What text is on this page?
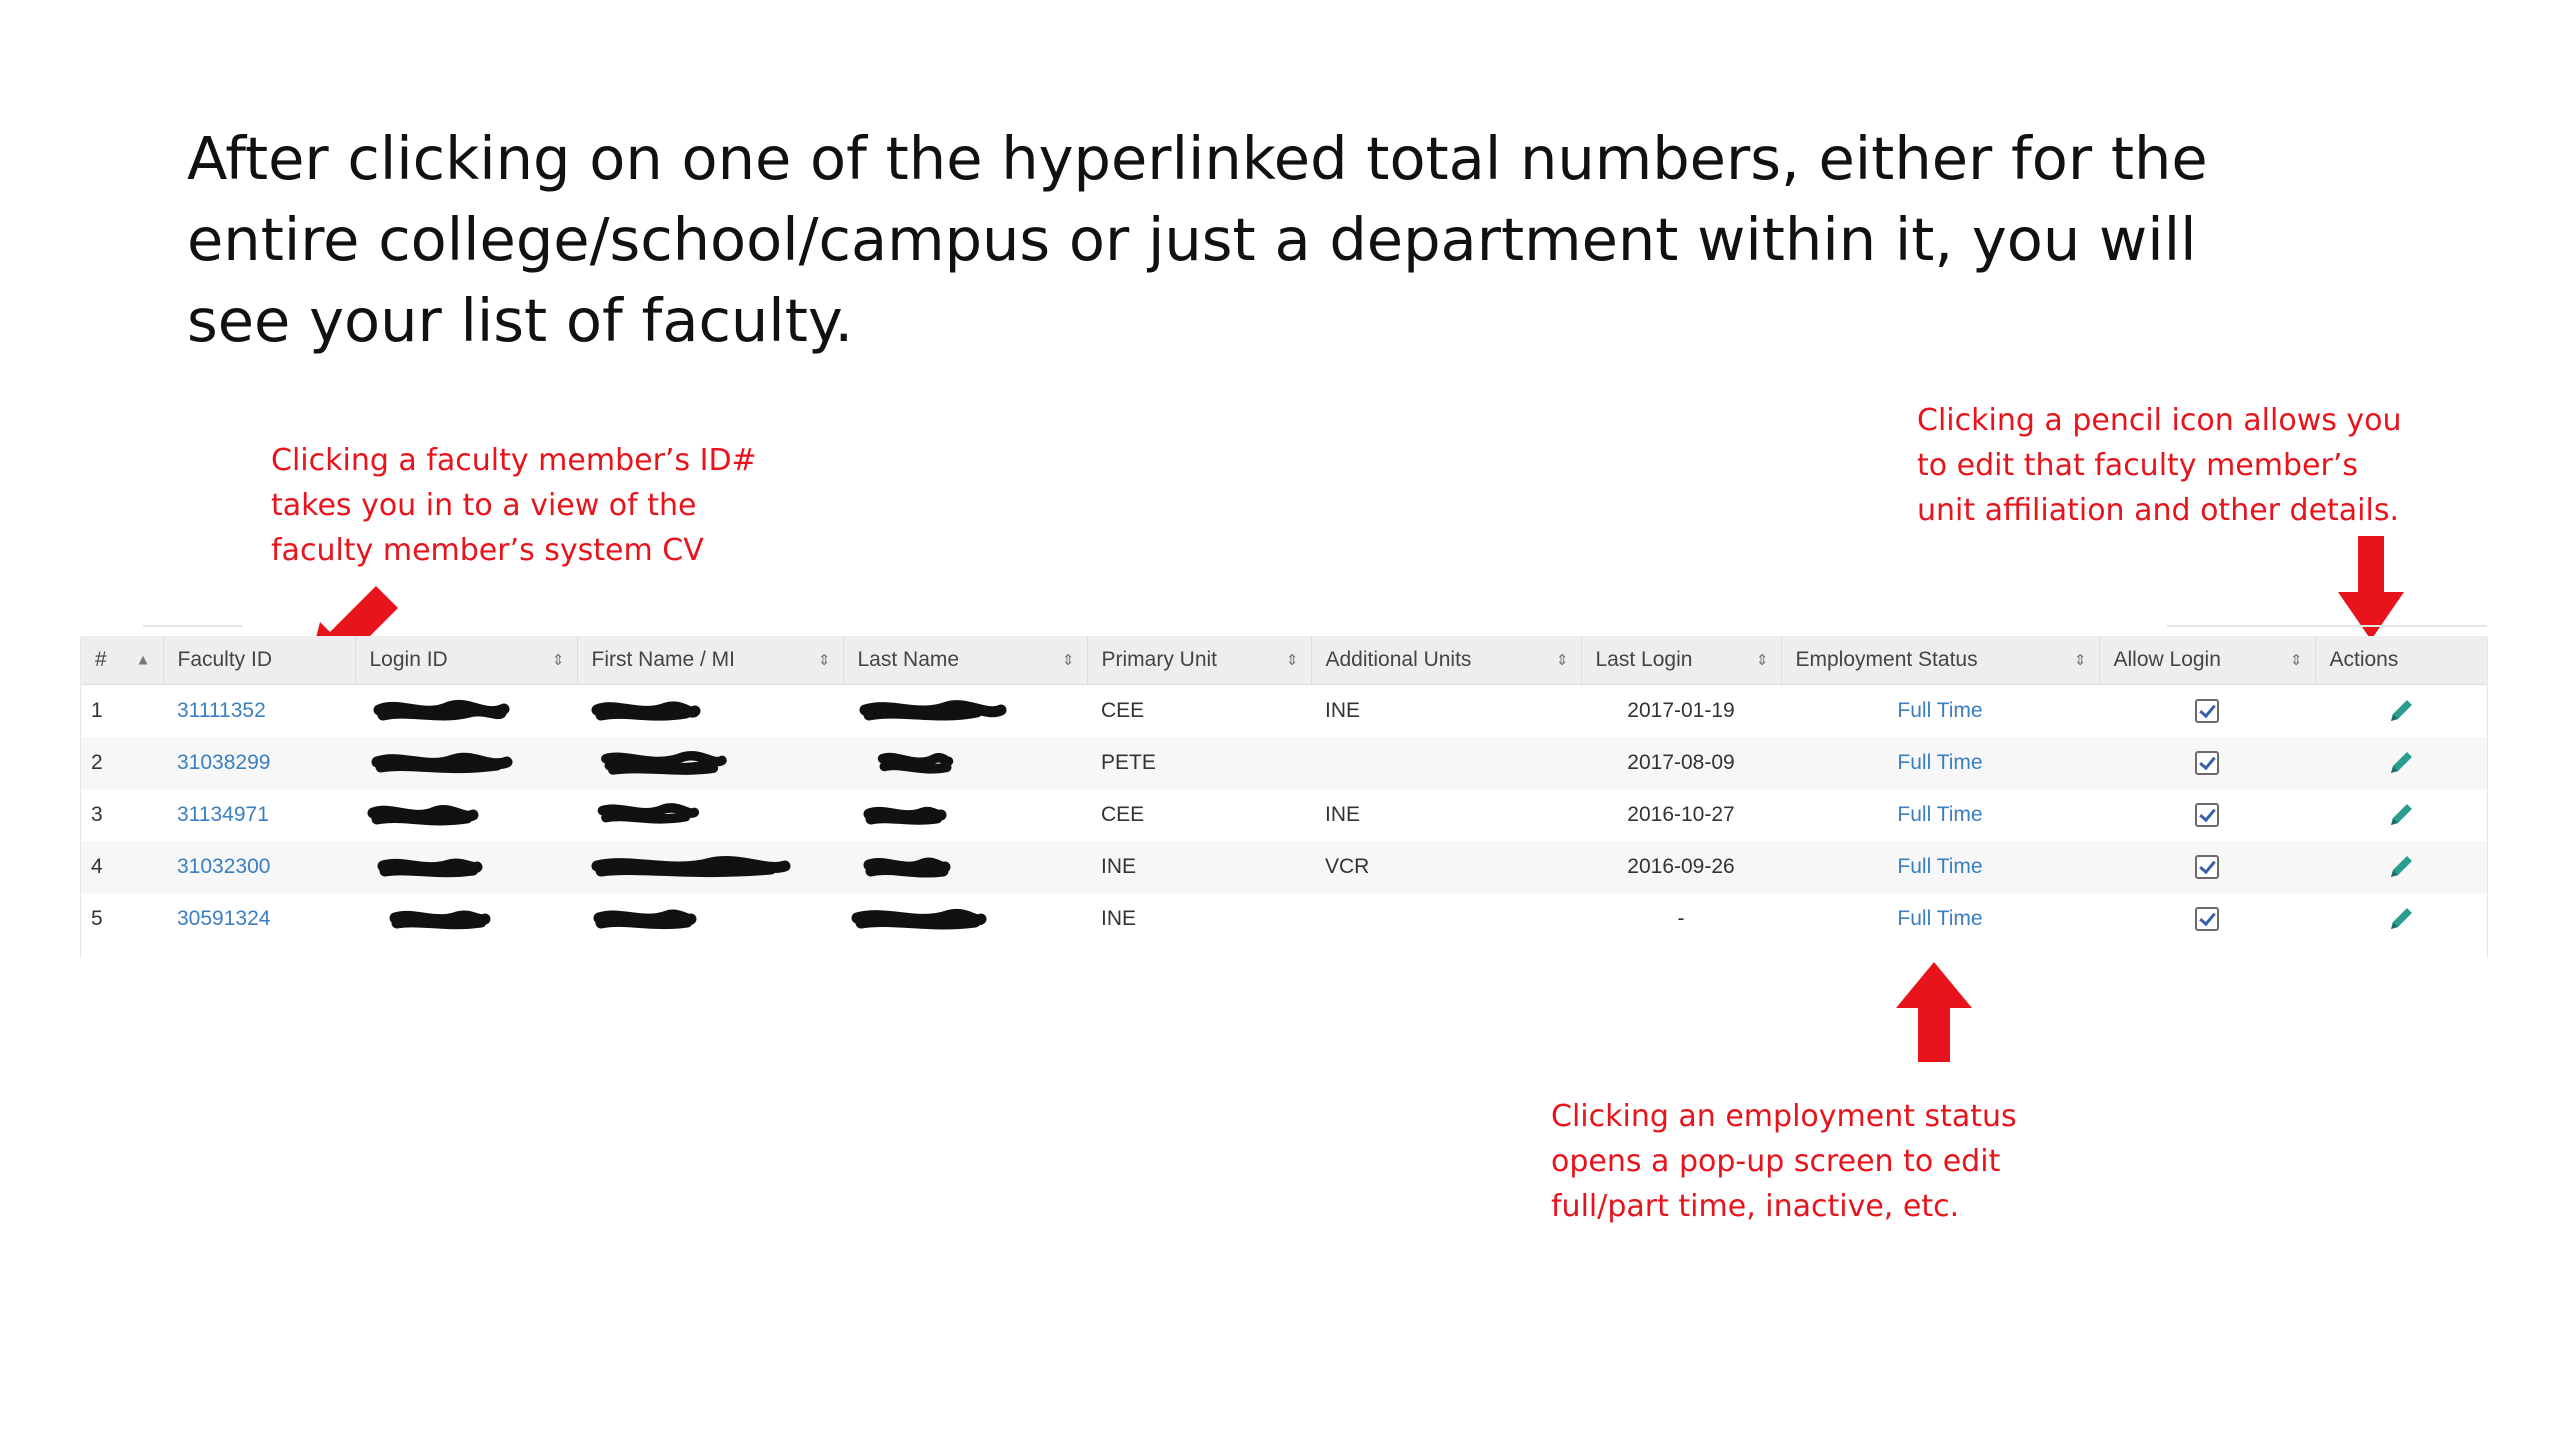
After clicking on one of the hyperlinked total numbers, either for the
entire college/school/campus or just a department within it, you will
see your list of faculty.
Clicking a faculty member’s ID#
takes you in to a view of the
faculty member’s system CV
Clicking a pencil icon allows you
to edit that faculty member’s
unit affiliation and other details.
Clicking an employment status
opens a pop-up screen to edit
full/part time, inactive, etc.
# ▲	Faculty ID	Login ID ⇕	First Name / MI ⇕	Last Name ⇕	Primary Unit ⇕	Additional Units ⇕	Last Login ⇕	Employment Status ⇕	Allow Login ⇕	Actions
1	31111352				CEE	INE	2017-01-19	Full Time		
2	31038299				PETE		2017-08-09	Full Time		
3	31134971				CEE	INE	2016-10-27	Full Time		
4	31032300				INE	VCR	2016-09-26	Full Time		
5	30591324				INE		-	Full Time		
